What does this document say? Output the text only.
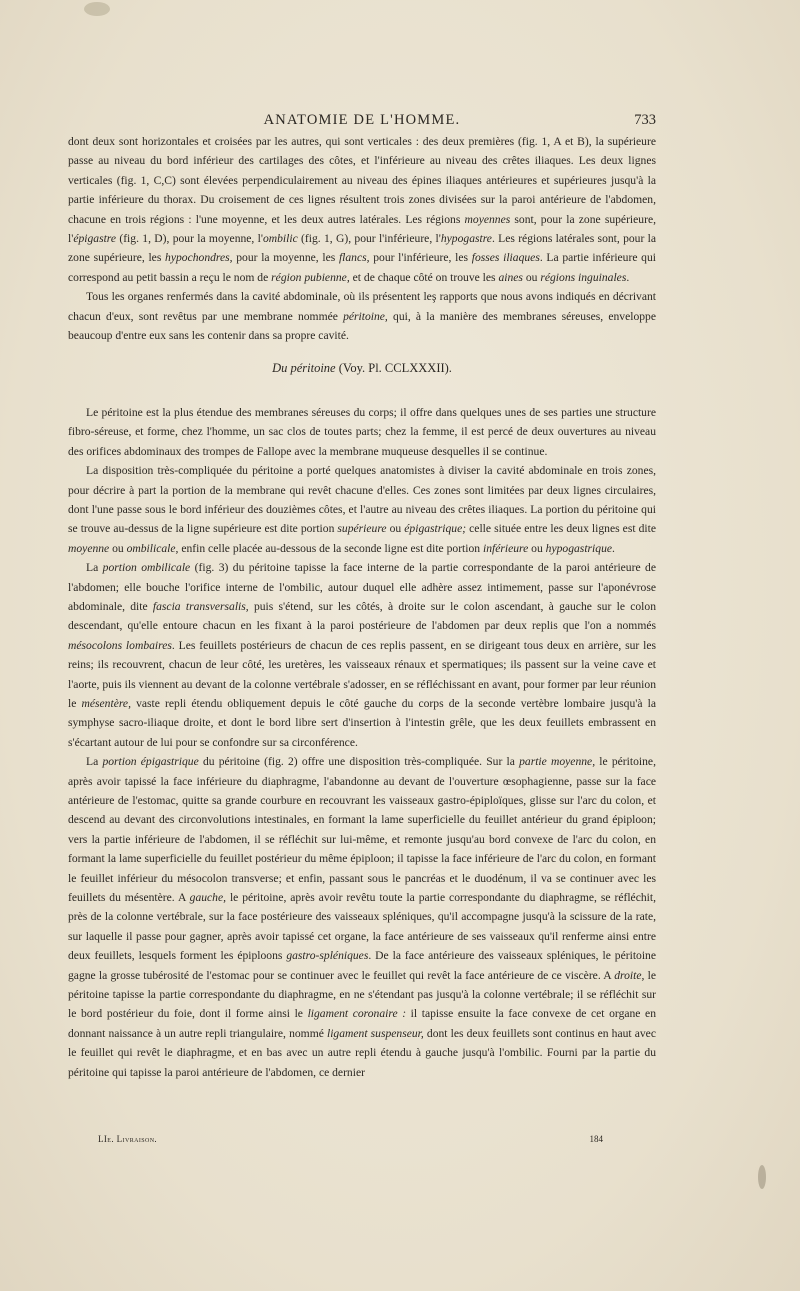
ANATOMIE DE L'HOMME.	733

dont deux sont horizontales et croisées par les autres, qui sont verticales : des deux premières (fig. 1, A et B), la supérieure passe au niveau du bord inférieur des cartilages des côtes, et l'inférieure au niveau des crêtes iliaques. Les deux lignes verticales (fig. 1, C,C) sont élevées perpendiculairement au niveau des épines iliaques antérieures et supérieures jusqu'à la partie inférieure du thorax. Du croisement de ces lignes résultent trois zones divisées sur la paroi antérieure de l'abdomen, chacune en trois régions : l'une moyenne, et les deux autres latérales. Les régions moyennes sont, pour la zone supérieure, l'épigastre (fig. 1, D), pour la moyenne, l'ombilic (fig. 1, G), pour l'inférieure, l'hypogastre. Les régions latérales sont, pour la zone supérieure, les hypochondres, pour la moyenne, les flancs, pour l'inférieure, les fosses iliaques. La partie inférieure qui correspond au petit bassin a reçu le nom de région pubienne, et de chaque côté on trouve les aines ou régions inguinales.

Tous les organes renfermés dans la cavité abdominale, où ils présentent leş rapports que nous avons indiqués en décrivant chacun d'eux, sont revêtus par une membrane nommée péritoine, qui, à la manière des membranes séreuses, enveloppe beaucoup d'entre eux sans les contenir dans sa propre cavité.

Du péritoine (Voy. Pl. CCLXXXII).

Le péritoine est la plus étendue des membranes séreuses du corps; il offre dans quelques unes de ses parties une structure fibro-séreuse, et forme, chez l'homme, un sac clos de toutes parts; chez la femme, il est percé de deux ouvertures au niveau des orifices abdominaux des trompes de Fallope avec la membrane muqueuse desquelles il se continue.

La disposition très-compliquée du péritoine a porté quelques anatomistes à diviser la cavité abdominale en trois zones, pour décrire à part la portion de la membrane qui revêt chacune d'elles. Ces zones sont limitées par deux lignes circulaires, dont l'une passe sous le bord inférieur des douzièmes côtes, et l'autre au niveau des crêtes iliaques. La portion du péritoine qui se trouve au-dessus de la ligne supérieure est dite portion supérieure ou épigastrique; celle située entre les deux lignes est dite moyenne ou ombilicale, enfin celle placée au-dessous de la seconde ligne est dite portion inférieure ou hypogastrique.

La portion ombilicale (fig. 3) du péritoine tapisse la face interne de la partie correspondante de la paroi antérieure de l'abdomen; elle bouche l'orifice interne de l'ombilic, autour duquel elle adhère assez intimement, passe sur l'aponévrose abdominale, dite fascia transversalis, puis s'étend, sur les côtés, à droite sur le colon ascendant, à gauche sur le colon descendant, qu'elle entoure chacun en les fixant à la paroi postérieure de l'abdomen par deux replis que l'on a nommés mésocolons lombaires. Les feuillets postérieurs de chacun de ces replis passent, en se dirigeant tous deux en arrière, sur les reins; ils recouvrent, chacun de leur côté, les uretères, les vaisseaux rénaux et spermatiques; ils passent sur la veine cave et l'aorte, puis ils viennent au devant de la colonne vertébrale s'adosser, en se réfléchissant en avant, pour former par leur réunion le mésentère, vaste repli étendu obliquement depuis le côté gauche du corps de la seconde vertèbre lombaire jusqu'à la symphyse sacro-iliaque droite, et dont le bord libre sert d'insertion à l'intestin grêle, que les deux feuillets embrassent en s'écartant autour de lui pour se confondre sur sa circonférence.

La portion épigastrique du péritoine (fig. 2) offre une disposition très-compliquée. Sur la partie moyenne, le péritoine, après avoir tapissé la face inférieure du diaphragme, l'abandonne au devant de l'ouverture œsophagienne, passe sur la face antérieure de l'estomac, quitte sa grande courbure en recouvrant les vaisseaux gastro-épiploïques, glisse sur l'arc du colon, et descend au devant des circonvolutions intestinales, en formant la lame superficielle du feuillet antérieur du grand épiploon; vers la partie inférieure de l'abdomen, il se réfléchit sur lui-même, et remonte jusqu'au bord convexe de l'arc du colon, en formant la lame superficielle du feuillet postérieur du même épiploon; il tapisse la face inférieure de l'arc du colon, en formant le feuillet inférieur du mésocolon transverse; et enfin, passant sous le pancréas et le duodénum, il va se continuer avec les feuillets du mésentère. A gauche, le péritoine, après avoir revêtu toute la partie correspondante du diaphragme, se réfléchit, près de la colonne vertébrale, sur la face postérieure des vaisseaux spléniques, qu'il accompagne jusqu'à la scissure de la rate, sur laquelle il passe pour gagner, après avoir tapissé cet organe, la face antérieure de ses vaisseaux qu'il renferme ainsi entre deux feuillets, lesquels forment les épiploons gastro-spléniques. De la face antérieure des vaisseaux spléniques, le péritoine gagne la grosse tubérosité de l'estomac pour se continuer avec le feuillet qui revêt la face antérieure de ce viscère. A droite, le péritoine tapisse la partie correspondante du diaphragme, en ne s'étendant pas jusqu'à la colonne vertébrale; il se réfléchit sur le bord postérieur du foie, dont il forme ainsi le ligament coronaire : il tapisse ensuite la face convexe de cet organe en donnant naissance à un autre repli triangulaire, nommé ligament suspenseur, dont les deux feuillets sont continus en haut avec le feuillet qui revêt le diaphragme, et en bas avec un autre repli étendu à gauche jusqu'à l'ombilic. Fourni par la partie du péritoine qui tapisse la paroi antérieure de l'abdomen, ce dernier

LIe. Livraison.	184
